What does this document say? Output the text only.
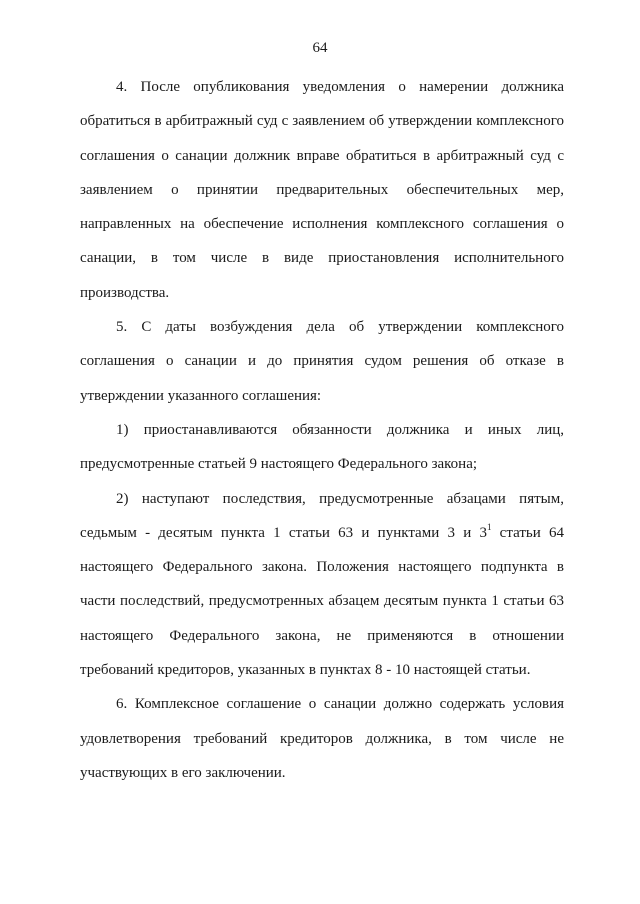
64

4. После опубликования уведомления о намерении должника обратиться в арбитражный суд с заявлением об утверждении комплексного соглашения о санации должник вправе обратиться в арбитражный суд с заявлением о принятии предварительных обеспечительных мер, направленных на обеспечение исполнения комплексного соглашения о санации, в том числе в виде приостановления исполнительного производства.

5. С даты возбуждения дела об утверждении комплексного соглашения о санации и до принятия судом решения об отказе в утверждении указанного соглашения:

1) приостанавливаются обязанности должника и иных лиц, предусмотренные статьей 9 настоящего Федерального закона;

2) наступают последствия, предусмотренные абзацами пятым, седьмым - десятым пункта 1 статьи 63 и пунктами 3 и $3^1$ статьи 64 настоящего Федерального закона. Положения настоящего подпункта в части последствий, предусмотренных абзацем десятым пункта 1 статьи 63 настоящего Федерального закона, не применяются в отношении требований кредиторов, указанных в пунктах 8 - 10 настоящей статьи.

6. Комплексное соглашение о санации должно содержать условия удовлетворения требований кредиторов должника, в том числе не участвующих в его заключении.
